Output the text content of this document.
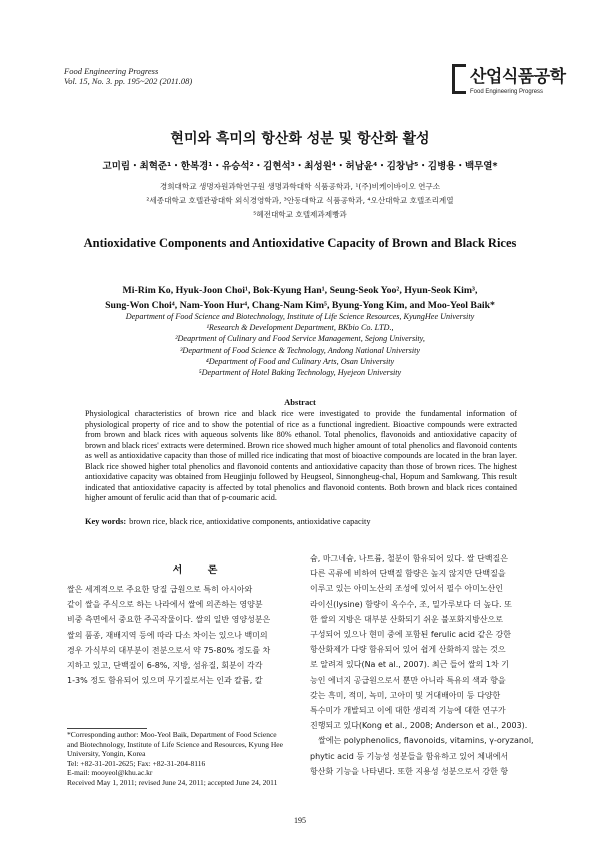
Food Engineering Progress
Vol. 15, No. 3. pp. 195~202 (2011.08)	산업식품공학
Food Engineering Progress
현미와 흑미의 항산화 성분 및 항산화 활성
고미림・최혁준¹・한복경¹・유승석²・김현석³・최성원⁴・허남윤⁴・김창남⁵・김병용・백무열*
경희대학교 생명자원과학연구원 생명과학대학 식품공학과, ¹(주)비케이바이오 연구소
²세종대학교 호텔관광대학 외식경영학과, ³안동대학교 식품공학과, ⁴오산대학교 호텔조리계열
⁵혜전대학교 호텔제과제빵과
Antioxidative Components and Antioxidative Capacity of Brown and Black Rices
Mi-Rim Ko, Hyuk-Joon Choi¹, Bok-Kyung Han¹, Seung-Seok Yoo², Hyun-Seok Kim³,
Sung-Won Choi⁴, Nam-Yoon Hur⁴, Chang-Nam Kim⁵, Byung-Yong Kim, and Moo-Yeol Baik*
Department of Food Science and Biotechnology, Institute of Life Science Resources, KyungHee University
¹Research & Development Department, BKbio Co. LTD.,
²Deaprtment of Culinary and Food Service Management, Sejong University,
³Department of Food Science & Technology, Andong National University
⁴Department of Food and Culinary Arts, Osan University
⁵Department of Hotel Baking Technology, Hyejeon University
Abstract
Physiological characteristics of brown rice and black rice were investigated to provide the fundamental information of physiological property of rice and to show the potential of rice as a functional ingredient. Bioactive compounds were extracted from brown and black rices with aqueous solvents like 80% ethanol. Total phenolics, flavonoids and antioxidative capacity of brown and black rices' extracts were determined. Brown rice showed much higher amount of total phenolics and flavonoid contents as well as antioxidative capacity than those of milled rice indicating that most of bioactive compounds are located in the bran layer. Black rice showed higher total phenolics and flavonoid contents and antioxidative capacity than those of brown rices. The highest antioxidative capacity was obtained from Heugjinju followed by Heugseol, Sinnongheug-chal, Hopum and Samkwang. This result indicated that antioxidative capacity is affected by total phenolics and flavonoid contents. Both brown and black rices contained higher amount of ferulic acid than that of p-coumaric acid.
Key words: brown rice, black rice, antioxidative components, antioxidative capacity
서 론

쌀은 세계적으로 주요한 당질 급원으로 특히 아시아와

같이 쌀을 주식으로 하는 나라에서 쌀에 의존하는 영양분

비중 측면에서 중요한 주곡작물이다. 쌀의 일반 영양성분은

쌀의 품종, 재배지역 등에 따라 다소 차이는 있으나 백미의

경우 가식부의 대부분이 전분으로서 약 75-80% 정도를 차

지하고 있고, 단백질이 6-8%, 지방, 섬유질, 회분이 각각

1-3% 정도 함유되어 있으며 무기질로서는 인과 칼륨, 칼

슘, 마그네슘, 나트륨, 철분이 함유되어 있다. 쌀 단백질은

다른 곡류에 비하여 단백질 함량은 높지 않지만 단백질을

이루고 있는 아미노산의 조성에 있어서 필수 아미노산인

라이신(lysine) 함량이 옥수수, 조, 밀가루보다 더 높다. 또

한 쌀의 지방은 대부분 산화되기 쉬운 불포화지방산으로

구성되어 있으나 현미 중에 포함된 ferulic acid 같은 강한

항산화제가 다량 함유되어 있어 쉽게 산화하지 않는 것으

로 알려져 있다(Na et al., 2007). 최근 들어 쌀의 1차 기

능인 에너지 공급원으로서 뿐만 아니라 특유의 색과 향을

갖는 흑미, 적미, 녹미, 고아미 및 거대배아미 등 다양한

특수미가 개발되고 이에 대한 생리적 기능에 대한 연구가

진행되고 있다(Kong et al., 2008; Anderson et al., 2003).

쌀에는 polyphenolics, flavonoids, vitamins, γ-oryzanol,

phytic acid 등 기능성 성분들을 함유하고 있어 체내에서

항산화 기능을 나타낸다. 또한 지용성 성분으로서 강한 항

*Corresponding author: Moo-Yeol Baik, Department of Food Science
and Biotechnology, Institute of Life Science and Resources, Kyung Hee
University, Yongin, Korea
Tel: +82-31-201-2625; Fax: +82-31-204-8116
E-mail: mooyeol@khu.ac.kr
Received May 1, 2011; revised June 24, 2011; accepted June 24, 2011
195
